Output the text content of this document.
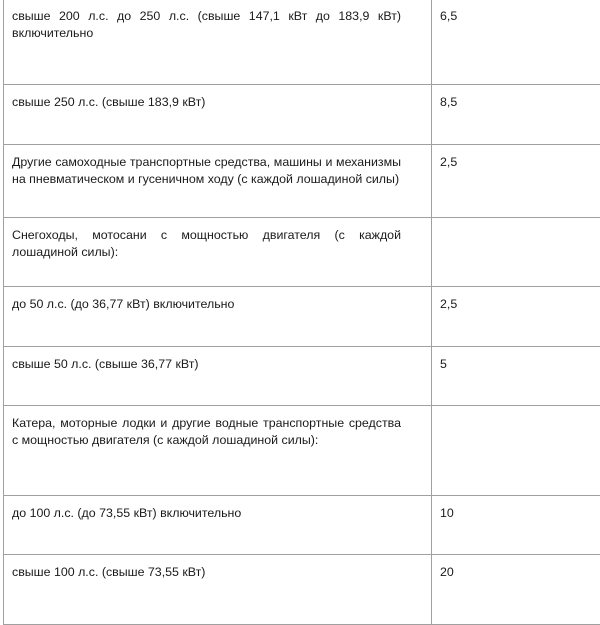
свыше 200 л.с. до 250 л.с. (свыше 147,1 кВт до 183,9 кВт) включительно	6,5
свыше 250 л.с. (свыше 183,9 кВт)	8,5
Другие самоходные транспортные средства, машины и механизмы на пневматическом и гусеничном ходу (с каждой лошадиной силы)	2,5
Снегоходы, мотосани с мощностью двигателя (с каждой лошадиной силы):	
до 50 л.с. (до 36,77 кВт) включительно	2,5
свыше 50 л.с. (свыше 36,77 кВт)	5
Катера, моторные лодки и другие водные транспортные средства с мощностью двигателя (с каждой лошадиной силы):	
до 100 л.с. (до 73,55 кВт) включительно	10
свыше 100 л.с. (свыше 73,55 кВт)	20
